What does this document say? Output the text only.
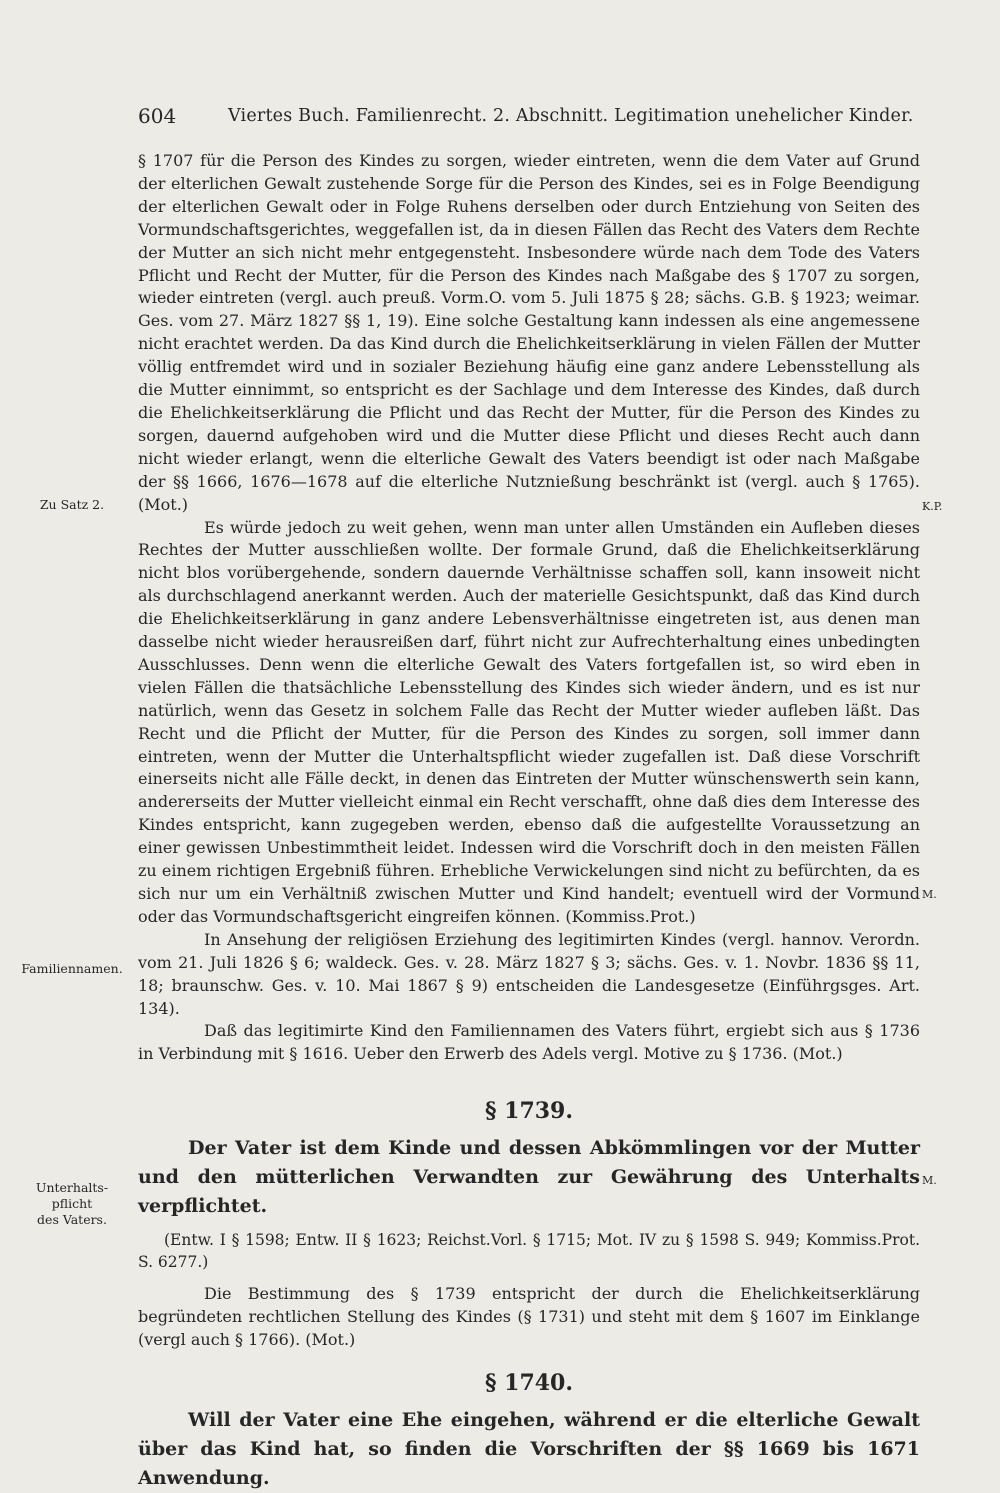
604	Viertes Buch. Familienrecht. 2. Abschnitt. Legitimation unehelicher Kinder.
Zu Satz 2.
Familiennamen.
Unterhalts-
pflicht
des Vaters.
K.P.
M.
M.

§ 1707 für die Person des Kindes zu sorgen, wieder eintreten, wenn die dem Vater auf Grund der elterlichen Gewalt zustehende Sorge für die Person des Kindes, sei es in Folge Beendigung der elterlichen Gewalt oder in Folge Ruhens derselben oder durch Entziehung von Seiten des Vormundschaftsgerichtes, weggefallen ist, da in diesen Fällen das Recht des Vaters dem Rechte der Mutter an sich nicht mehr entgegensteht. Insbesondere würde nach dem Tode des Vaters Pflicht und Recht der Mutter, für die Person des Kindes nach Maßgabe des § 1707 zu sorgen, wieder eintreten (vergl. auch preuß. Vorm.O. vom 5. Juli 1875 § 28; sächs. G.B. § 1923; weimar. Ges. vom 27. März 1827 §§ 1, 19). Eine solche Gestaltung kann indessen als eine angemessene nicht erachtet werden. Da das Kind durch die Ehelichkeitserklärung in vielen Fällen der Mutter völlig entfremdet wird und in sozialer Beziehung häufig eine ganz andere Lebensstellung als die Mutter einnimmt, so entspricht es der Sachlage und dem Interesse des Kindes, daß durch die Ehelichkeitserklärung die Pflicht und das Recht der Mutter, für die Person des Kindes zu sorgen, dauernd aufgehoben wird und die Mutter diese Pflicht und dieses Recht auch dann nicht wieder erlangt, wenn die elterliche Gewalt des Vaters beendigt ist oder nach Maßgabe der §§ 1666, 1676—1678 auf die elterliche Nutznießung beschränkt ist (vergl. auch § 1765). (Mot.)

Es würde jedoch zu weit gehen, wenn man unter allen Umständen ein Aufleben dieses Rechtes der Mutter ausschließen wollte. Der formale Grund, daß die Ehelichkeitserklärung nicht blos vorübergehende, sondern dauernde Verhältnisse schaffen soll, kann insoweit nicht als durchschlagend anerkannt werden. Auch der materielle Gesichtspunkt, daß das Kind durch die Ehelichkeitserklärung in ganz andere Lebensverhältnisse eingetreten ist, aus denen man dasselbe nicht wieder herausreißen darf, führt nicht zur Aufrechterhaltung eines unbedingten Ausschlusses. Denn wenn die elterliche Gewalt des Vaters fortgefallen ist, so wird eben in vielen Fällen die thatsächliche Lebensstellung des Kindes sich wieder ändern, und es ist nur natürlich, wenn das Gesetz in solchem Falle das Recht der Mutter wieder aufleben läßt. Das Recht und die Pflicht der Mutter, für die Person des Kindes zu sorgen, soll immer dann eintreten, wenn der Mutter die Unterhaltspflicht wieder zugefallen ist. Daß diese Vorschrift einerseits nicht alle Fälle deckt, in denen das Eintreten der Mutter wünschenswerth sein kann, andererseits der Mutter vielleicht einmal ein Recht verschafft, ohne daß dies dem Interesse des Kindes entspricht, kann zugegeben werden, ebenso daß die aufgestellte Voraussetzung an einer gewissen Unbestimmtheit leidet. Indessen wird die Vorschrift doch in den meisten Fällen zu einem richtigen Ergebniß führen. Erhebliche Verwickelungen sind nicht zu befürchten, da es sich nur um ein Verhältniß zwischen Mutter und Kind handelt; eventuell wird der Vormund oder das Vormundschaftsgericht eingreifen können. (Kommiss.Prot.)

In Ansehung der religiösen Erziehung des legitimirten Kindes (vergl. hannov. Verordn. vom 21. Juli 1826 § 6; waldeck. Ges. v. 28. März 1827 § 3; sächs. Ges. v. 1. Novbr. 1836 §§ 11, 18; braunschw. Ges. v. 10. Mai 1867 § 9) entscheiden die Landesgesetze (Einführgsges. Art. 134).

Daß das legitimirte Kind den Familiennamen des Vaters führt, ergiebt sich aus § 1736 in Verbindung mit § 1616. Ueber den Erwerb des Adels vergl. Motive zu § 1736. (Mot.)

§ 1739.

Der Vater ist dem Kinde und dessen Abkömmlingen vor der Mutter und den mütterlichen Verwandten zur Gewährung des Unterhalts verpflichtet.

(Entw. I § 1598; Entw. II § 1623; Reichst.Vorl. § 1715; Mot. IV zu § 1598 S. 949; Kommiss.Prot. S. 6277.)

Die Bestimmung des § 1739 entspricht der durch die Ehelichkeitserklärung begründeten rechtlichen Stellung des Kindes (§ 1731) und steht mit dem § 1607 im Einklange (vergl auch § 1766). (Mot.)

§ 1740.

Will der Vater eine Ehe eingehen, während er die elterliche Gewalt über das Kind hat, so finden die Vorschriften der §§ 1669 bis 1671 Anwendung.
